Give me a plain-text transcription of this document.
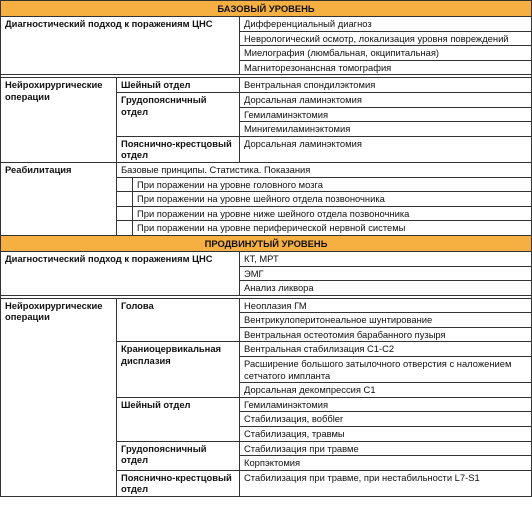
БАЗОВЫЙ УРОВЕНЬ			
Диагностический подход к поражениям ЦНС			Дифференциальный диагноз
			Неврологический осмотр, локализация уровня повреждений
			Миелография (люмбальная, окципитальная)
			Магниторезонансная томография

Нейрохирургические операции	Шейный отдел		Вентральная спондилэктомия
	Грудопоясничный отдел		Дорсальная ламинэктомия
			Гемиламинэктомия
			Минигемиламинэктомия
	Пояснично-крестцовый отдел		Дорсальная ламинэктомия
Реабилитация	Базовые принципы. Статистика. Показания		
		При поражении на уровне головного мозга	
		При поражении на уровне шейного отдела позвоночника	
		При поражении на уровне ниже шейного отдела позвоночника	
		При поражении на уровне периферической нервной системы	
ПРОДВИНУТЫЙ УРОВЕНЬ			
Диагностический подход к поражениям ЦНС			КТ, МРТ
			ЭМГ
			Анализ ликвора

Нейрохирургические операции	Голова		Неоплазия ГМ
			Вентрикулоперитонеальное шунтирование
			Вентральная остеотомия барабанного пузыря
	Краниоцервикальная дисплазия		Вентральная стабилизация С1-С2
			Расширение большого затылочного отверстия с наложением сетчатого импланта
			Дорсальная декомпрессия С1
	Шейный отдел		Гемиламинэктомия
			Стабилизация, воббler
			Стабилизация, травмы
	Грудопоясничный отдел		Стабилизация при травме
			Корпэктомия
	Пояснично-крестцовый отдел		Стабилизация при травме, при нестабильности L7-S1
